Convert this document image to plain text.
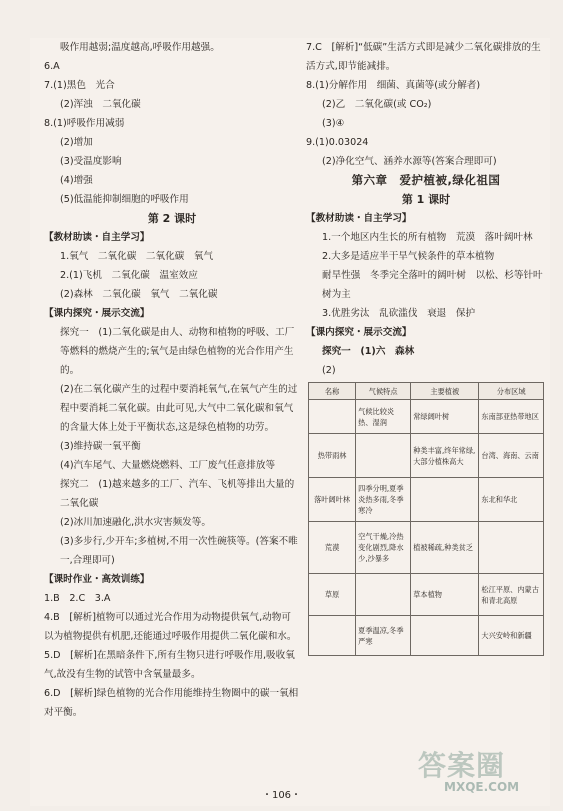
吸作用越弱;温度越高,呼吸作用越强。
6.A
7.(1)黑色　光合
(2)浑浊　二氧化碳
8.(1)呼吸作用减弱
(2)增加
(3)受温度影响
(4)增强
(5)低温能抑制细胞的呼吸作用
第 2 课时
【教材助读・自主学习】
1.氧气　二氧化碳　二氧化碳　氧气
2.(1)飞机　二氧化碳　温室效应
(2)森林　二氧化碳　氧气　二氧化碳
【课内探究・展示交流】
探究一　(1)二氧化碳是由人、动物和植物的呼吸、工厂等燃料的燃烧产生的;氧气是由绿色植物的光合作用产生的。
(2)在二氧化碳产生的过程中要消耗氧气,在氧气产生的过程中要消耗二氧化碳。由此可见,大气中二氧化碳和氧气的含量大体上处于平衡状态,这是绿色植物的功劳。
(3)维持碳一氧平衡
(4)汽车尾气、大量燃烧燃料、工厂废气任意排放等
探究二　(1)越来越多的工厂、汽车、飞机等排出大量的二氧化碳
(2)冰川加速融化,洪水灾害频发等。
(3)多步行,少开车;多植树,不用一次性碗筷等。(答案不唯一,合理即可)
【课时作业・高效训练】
1.B　2.C　3.A
4.B　[解析]植物可以通过光合作用为动物提供氧气,动物可以为植物提供有机肥,还能通过呼吸作用提供二氧化碳和水。
5.D　[解析]在黑暗条件下,所有生物只进行呼吸作用,吸收氧气,故没有生物的试管中含氧量最多。
6.D　[解析]绿色植物的光合作用能维持生物圈中的碳一氧相对平衡。
7.C　[解析]“低碳”生活方式即是减少二氧化碳排放的生活方式,即节能减排。
8.(1)分解作用　细菌、真菌等(或分解者)
(2)乙　二氧化碳(或 CO₂)
(3)④
9.(1)0.03024
(2)净化空气、涵养水源等(答案合理即可)
第六章　爱护植被,绿化祖国
第 1 课时
【教材助读・自主学习】
1.一个地区内生长的所有植物　荒漠　落叶阔叶林
2.大多是适应半干旱气候条件的草本植物
耐旱性强　冬季完全落叶的阔叶树　以松、杉等针叶树为主
3.优胜劣汰　乱砍滥伐　衰退　保护
【课内探究・展示交流】
探究一　(1)六　森林
(2)
名称	气候特点	主要植被	分布区域
	气候比较炎热、湿润	常绿阔叶树	东南部亚热带地区
热带雨林		种类丰富,终年常绿,大部分植株高大	台湾、海南、云南
落叶阔叶林	四季分明,夏季炎热多雨,冬季寒冷		东北和华北
荒漠	空气干燥,冷热变化剧烈,降水少,沙暴多	植被稀疏,种类贫乏	
草原		草本植物	松江平原、内蒙古和青北高原
	夏季温凉,冬季严寒		大兴安岭和新疆
・106・
答案圈
MXQE.COM
